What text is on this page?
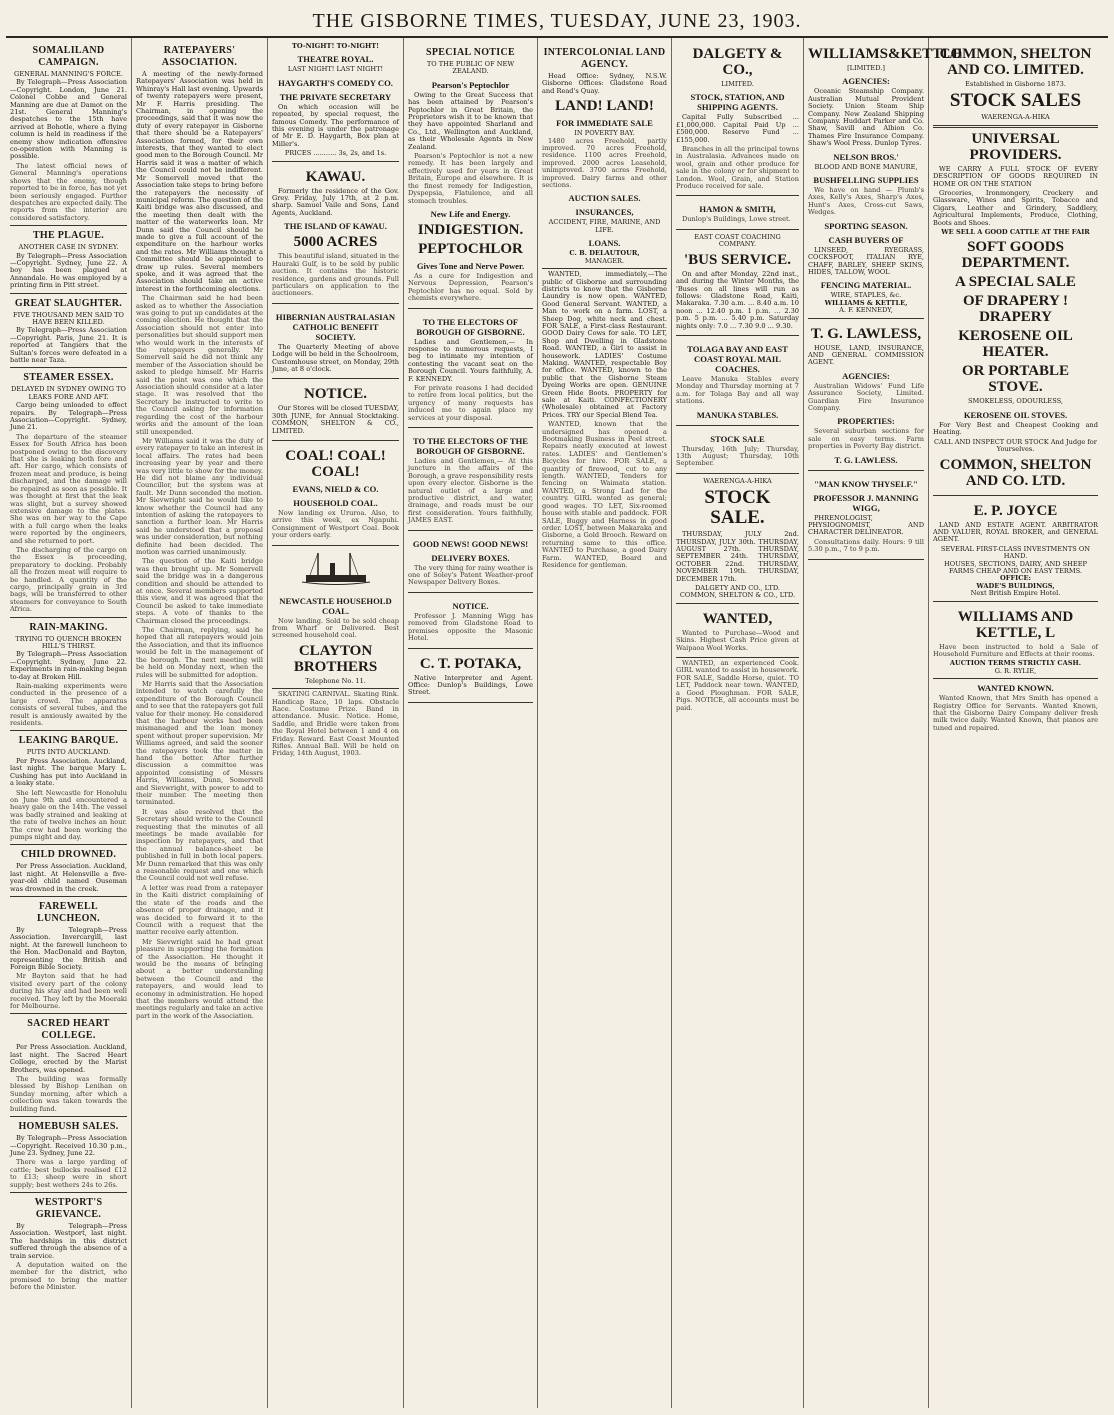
THE GISBORNE TIMES, TUESDAY, JUNE 23, 1903.
SOMALILAND CAMPAIGN.
GENERAL MANNING'S FORCE.

By Telegraph—Press Association—Copyright. London, June 21. Colonel Cobbe and General Manning are due at Damot on the 21st. General Manning's despatches to the 15th have arrived at Bohotle, where a flying column is held in readiness if the enemy show indication offensive co-operation with Manning is possible.

The latest official news of General Manning's operations shows that the enemy, though reported to be in force, has not yet been seriously engaged. Further despatches are expected daily. The reports from the interior are considered satisfactory.

THE PLAGUE.
ANOTHER CASE IN SYDNEY.

By Telegraph—Press Association—Copyright. Sydney, June 22. A boy has been plagued at Annandale. He was employed by a printing firm in Pitt street.

GREAT SLAUGHTER.
FIVE THOUSAND MEN SAID TO HAVE BEEN KILLED.

By Telegraph—Press Association—Copyright. Paris, June 21. It is reported at Tangiers that the Sultan's forces were defeated in a battle near Taza.

STEAMER ESSEX.
DELAYED IN SYDNEY OWING TO LEAKS FORE AND AFT.

Cargo being unloaded to effect repairs. By Telegraph—Press Association—Copyright. Sydney, June 21.

The departure of the steamer Essex for South Africa has been postponed owing to the discovery that she is leaking both fore and aft. Her cargo, which consists of frozen meat and produce, is being discharged, and the damage will be repaired as soon as possible. It was thought at first that the leak was slight, but a survey showed extensive damage to the plates. She was on her way to the Cape with a full cargo when the leaks were reported by the engineers, and she returned to port.

The discharging of the cargo on the Essex is proceeding, preparatory to docking. Probably all the frozen meat will require to be handled. A quantity of the cargo, principally grain in 3rd bags, will be transferred to other steamers for conveyance to South Africa.

RAIN-MAKING.
TRYING TO QUENCH BROKEN HILL'S THIRST.

By Telegraph—Press Association—Copyright. Sydney, June 22. Experiments in rain-making began to-day at Broken Hill.

Rain-making experiments were conducted in the presence of a large crowd. The apparatus consists of several tubes, and the result is anxiously awaited by the residents.

LEAKING BARQUE.
PUTS INTO AUCKLAND.

Per Press Association. Auckland, last night. The barque Mary L. Cushing has put into Auckland in a leaky state.

She left Newcastle for Honolulu on June 9th and encountered a heavy gale on the 14th. The vessel was badly strained and leaking at the rate of twelve inches an hour. The crew had been working the pumps night and day.

CHILD DROWNED.

Per Press Association. Auckland, last night. At Helensville a five-year-old child named Ouseman was drowned in the creek.

FAREWELL LUNCHEON.

By Telegraph—Press Association. Invercargill, last night. At the farewell luncheon to the Hon. MacDonald and Bayton, representing the British and Foreign Bible Society.

Mr Bayton said that he had visited every part of the colony during his stay and had been well received. They left by the Moeraki for Melbourne.

SACRED HEART COLLEGE.

Per Press Association. Auckland, last night. The Sacred Heart College, erected by the Marist Brothers, was opened.

The building was formally blessed by Bishop Lenihan on Sunday morning, after which a collection was taken towards the building fund.

HOMEBUSH SALES.

By Telegraph—Press Association—Copyright. Received 10.30 p.m., June 23. Sydney, June 22.

There was a large yarding of cattle; best bullocks realised £12 to £13; sheep were in short supply; best wethers 24s to 26s.

WESTPORT'S GRIEVANCE.

By Telegraph—Press Association. Westport, last night. The hardships in this district suffered through the absence of a train service.

A deputation waited on the member for the district, who promised to bring the matter before the Minister.

RATEPAYERS' ASSOCIATION.

A meeting of the newly-formed Ratepayers' Association was held in Whinray's Hall last evening. Upwards of twenty ratepayers were present, Mr F. Harris presiding. The Chairman, in opening the proceedings, said that it was now the duty of every ratepayer in Gisborne that there should be a Ratepayers' Association formed, for their own interests, that they wanted to elect good men to the Borough Council. Mr Harris said it was a matter of which the Council could not be indifferent. Mr Somervell moved that the Association take steps to bring before the ratepayers the necessity of municipal reform. The question of the Kaiti bridge was also discussed, and the meeting then dealt with the matter of the waterworks loan. Mr Dunn said the Council should be made to give a full account of the expenditure on the harbour works and the rates. Mr Williams thought a Committee should be appointed to draw up rules. Several members spoke, and it was agreed that the Association should take an active interest in the forthcoming elections.

The Chairman said he had been asked as to whether the Association was going to put up candidates at the coming election. He thought that the Association should not enter into personalities but should support men who would work in the interests of the ratepayers generally. Mr Somervell said he did not think any member of the Association should be asked to pledge himself. Mr Harris said the point was one which the Association should consider at a later stage. It was resolved that the Secretary be instructed to write to the Council asking for information regarding the cost of the harbour works and the amount of the loan still unexpended.

Mr Williams said it was the duty of every ratepayer to take an interest in local affairs. The rates had been increasing year by year and there was very little to show for the money. He did not blame any individual Councillor, but the system was at fault. Mr Dunn seconded the motion. Mr Sievwright said he would like to know whether the Council had any intention of asking the ratepayers to sanction a further loan. Mr Harris said he understood that a proposal was under consideration, but nothing definite had been decided. The motion was carried unanimously.

The question of the Kaiti bridge was then brought up. Mr Somervell said the bridge was in a dangerous condition and should be attended to at once. Several members supported this view, and it was agreed that the Council be asked to take immediate steps. A vote of thanks to the Chairman closed the proceedings.

The Chairman, replying, said he hoped that all ratepayers would join the Association, and that its influence would be felt in the management of the borough. The next meeting will be held on Monday next, when the rules will be submitted for adoption.

Mr Harris said that the Association intended to watch carefully the expenditure of the Borough Council and to see that the ratepayers got full value for their money. He considered that the harbour works had been mismanaged and the loan money spent without proper supervision. Mr Williams agreed, and said the sooner the ratepayers took the matter in hand the better. After further discussion a committee was appointed consisting of Messrs Harris, Williams, Dunn, Somervell and Sievwright, with power to add to their number. The meeting then terminated.

It was also resolved that the Secretary should write to the Council requesting that the minutes of all meetings be made available for inspection by ratepayers, and that the annual balance-sheet be published in full in both local papers. Mr Dunn remarked that this was only a reasonable request and one which the Council could not well refuse.

A letter was read from a ratepayer in the Kaiti district complaining of the state of the roads and the absence of proper drainage, and it was decided to forward it to the Council with a request that the matter receive early attention.

Mr Sievwright said he had great pleasure in supporting the formation of the Association. He thought it would be the means of bringing about a better understanding between the Council and the ratepayers, and would lead to economy in administration. He hoped that the members would attend the meetings regularly and take an active part in the work of the Association.

TO-NIGHT! TO-NIGHT!
THEATRE ROYAL.
LAST NIGHT! LAST NIGHT!
HAYGARTH'S COMEDY CO.
THE PRIVATE SECRETARY

On which occasion will be repeated, by special request, the famous Comedy. The performance of this evening is under the patronage of Mr E. D. Haygarth, Box plan at Miller's.

PRICES ........... 3s, 2s, and 1s.
KAWAU.

Formerly the residence of the Gov. Grey. Friday, July 17th, at 2 p.m. sharp. Samuel Vaile and Sons, Land Agents, Auckland.

THE ISLAND OF KAWAU.
5000 ACRES

This beautiful island, situated in the Hauraki Gulf, is to be sold by public auction. It contains the historic residence, gardens and grounds. Full particulars on application to the auctioneers.

HIBERNIAN AUSTRALASIAN CATHOLIC BENEFIT SOCIETY.

The Quarterly Meeting of above Lodge will be held in the Schoolroom, Customhouse street, on Monday, 29th June, at 8 o'clock.

NOTICE.

Our Stores will be closed TUESDAY, 30th JUNE, for Annual Stocktaking. COMMON, SHELTON & CO., LIMITED.

COAL! COAL! COAL!
EVANS, NIELD & CO.
HOUSEHOLD COAL.

Now landing ex Ururoa. Also, to arrive this week, ex Ngapuhi. Consignment of Westport Coal. Book your orders early.

NEWCASTLE HOUSEHOLD COAL.

Now landing. Sold to be sold cheap from Wharf or Delivered. Best screened household coal.

CLAYTON BROTHERS
Telephone No. 11.

SKATING CARNIVAL. Skating Rink. Handicap Race, 10 laps. Obstacle Race. Costume Prize. Band in attendance. Music. Notice. Home, Saddle, and Bridle were taken from the Royal Hotel between 1 and 4 on Friday. Reward. East Coast Mounted Rifles. Annual Ball. Will be held on Friday, 14th August, 1903.

SPECIAL NOTICE
TO THE PUBLIC OF NEW ZEALAND.
Pearson's Peptochlor

Owing to the Great Success that has been attained by Pearson's Peptochlor in Great Britain, the Proprietors wish it to be known that they have appointed Sharland and Co., Ltd., Wellington and Auckland, as their Wholesale Agents in New Zealand.

Pearson's Peptochlor is not a new remedy. It has been largely and effectively used for years in Great Britain, Europe and elsewhere. It is the finest remedy for Indigestion, Dyspepsia, Flatulence, and all stomach troubles.

New Life and Energy.
INDIGESTION.
PEPTOCHLOR
Gives Tone and Nerve Power.

As a cure for Indigestion and Nervous Depression, Pearson's Peptochlor has no equal. Sold by chemists everywhere.

TO THE ELECTORS OF BOROUGH OF GISBORNE.

Ladies and Gentlemen,— In response to numerous requests, I beg to intimate my intention of contesting the vacant seat on the Borough Council. Yours faithfully, A. F. KENNEDY.

For private reasons I had decided to retire from local politics, but the urgency of many requests has induced me to again place my services at your disposal.

TO THE ELECTORS OF THE BOROUGH OF GISBORNE.

Ladies and Gentlemen,— At this juncture in the affairs of the Borough, a grave responsibility rests upon every elector. Gisborne is the natural outlet of a large and productive district, and water, drainage, and roads must be our first consideration. Yours faithfully, JAMES EAST.

GOOD NEWS! GOOD NEWS!
DELIVERY BOXES.

The very thing for rainy weather is one of Soley's Patent Weather-proof Newspaper Delivery Boxes.

NOTICE.

Professor J. Manning Wigg has removed from Gladstone Road to premises opposite the Masonic Hotel.

C. T. POTAKA,

Native Interpreter and Agent. Office: Dunlop's Buildings, Lowe Street.

INTERCOLONIAL LAND AGENCY.

Head Office: Sydney, N.S.W. Gisborne Offices: Gladstone Road and Read's Quay.

LAND! LAND!
FOR IMMEDIATE SALE
IN POVERTY BAY.

1480 acres Freehold, partly improved. 70 acres Freehold, residence. 1100 acres Freehold, improved. 2000 acres Leasehold, unimproved. 3700 acres Freehold, improved. Dairy farms and other sections.

AUCTION SALES.
INSURANCES,
ACCIDENT, FIRE, MARINE, AND LIFE.
LOANS.
C. B. DELAUTOUR,
MANAGER.

WANTED, immediately,—The public of Gisborne and surrounding districts to know that the Gisborne Laundry is now open. WANTED, Good General Servant. WANTED, a Man to work on a farm. LOST, a Sheep Dog, white neck and chest. FOR SALE, a First-class Restaurant. GOOD Dairy Cows for sale. TO LET, Shop and Dwelling in Gladstone Road. WANTED, a Girl to assist in housework. LADIES' Costume Making. WANTED, respectable Boy for office. WANTED, known to the public that the Gisborne Steam Dyeing Works are open. GENUINE Green Hide Boots. PROPERTY for sale at Kaiti. CONFECTIONERY (Wholesale) obtained at Factory Prices. TRY our Special Blend Tea.

WANTED, known that the undersigned has opened a Bootmaking Business in Peel street. Repairs neatly executed at lowest rates. LADIES' and Gentlemen's Bicycles for hire. FOR SALE, a quantity of firewood, cut to any length. WANTED, Tenders for fencing on Waimata station. WANTED, a Strong Lad for the country. GIRL wanted as general; good wages. TO LET, Six-roomed house with stable and paddock. FOR SALE, Buggy and Harness in good order. LOST, between Makaraka and Gisborne, a Gold Brooch. Reward on returning same to this office. WANTED to Purchase, a good Dairy Farm. WANTED, Board and Residence for gentleman.

DALGETY & CO.,
LIMITED.
STOCK, STATION, AND SHIPPING AGENTS.

Capital Fully Subscribed ... £1,000,000. Capital Paid Up ... £500,000. Reserve Fund ... £155,000.

Branches in all the principal towns in Australasia. Advances made on wool, grain and other produce for sale in the colony or for shipment to London. Wool, Grain, and Station Produce received for sale.

HAMON & SMITH,

Dunlop's Buildings, Lowe street.

EAST COAST COACHING COMPANY.
'BUS SERVICE.

On and after Monday, 22nd inst., and during the Winter Months, the 'Buses on all lines will run as follows: Gladstone Road, Kaiti, Makaraka. 7.30 a.m. ... 8.40 a.m. 10 noon ... 12.40 p.m. 1 p.m. ... 2.30 p.m. 5 p.m. ... 5.40 p.m. Saturday nights only: 7.0 ... 7.30 9.0 ... 9.30.

TOLAGA BAY AND EAST COAST ROYAL MAIL COACHES.

Leave Manuka Stables every Monday and Thursday morning at 7 a.m. for Tolaga Bay and all way stations.

MANUKA STABLES.
STOCK SALE

Thursday, 16th July; Thursday, 13th August; Thursday, 10th September.

WAERENGA-A-HIKA
STOCK SALE.

THURSDAY, JULY 2nd. THURSDAY, JULY 30th. THURSDAY, AUGUST 27th. THURSDAY, SEPTEMBER 24th. THURSDAY, OCTOBER 22nd. THURSDAY, NOVEMBER 19th. THURSDAY, DECEMBER 17th.

DALGETY AND CO., LTD. COMMON, SHELTON & CO., LTD.
WANTED,

Wanted to Purchase—Wood and Skins. Highest Cash Price given at Waipaoa Wool Works.

WANTED, an experienced Cook. GIRL wanted to assist in housework. FOR SALE, Saddle Horse, quiet. TO LET, Paddock near town. WANTED, a Good Ploughman. FOR SALE, Pigs. NOTICE, all accounts must be paid.

WILLIAMS&KETTLE
[LIMITED.]
AGENCIES:

Oceanic Steamship Company. Australian Mutual Provident Society. Union Steam Ship Company. New Zealand Shipping Company. Huddart Parker and Co. Shaw, Savill and Albion Co. Thames Fire Insurance Company. Shaw's Wool Press. Dunlop Tyres.

NELSON BROS.'
BLOOD AND BONE MANURE,
BUSHFELLING SUPPLIES

We have on hand — Plumb's Axes, Kelly's Axes, Sharp's Axes, Hunt's Axes, Cross-cut Saws, Wedges.

SPORTING SEASON.
CASH BUYERS OF

LINSEED, RYEGRASS, COCKSFOOT, ITALIAN RYE, CHAFF, BARLEY, SHEEP SKINS, HIDES, TALLOW, WOOL

FENCING MATERIAL.
WIRE, STAPLES, &c.
WILLIAMS & KETTLE,
A. F. KENNEDY,
T. G. LAWLESS,

HOUSE, LAND, INSURANCE, AND GENERAL COMMISSION AGENT.

AGENCIES:

Australian Widows' Fund Life Assurance Society, Limited. Guardian Fire Insurance Company.

PROPERTIES:

Several suburban sections for sale on easy terms. Farm properties in Poverty Bay district.

T. G. LAWLESS.
"MAN KNOW THYSELF."
PROFESSOR J. MANNING WIGG,

PHRENOLOGIST, PHYSIOGNOMIST, AND CHARACTER DELINEATOR.

Consultations daily. Hours: 9 till 5.30 p.m., 7 to 9 p.m.

COMMON, SHELTON AND CO. LIMITED.
Established in Gisborne 1873.
STOCK SALES
WAERENGA-A-HIKA
UNIVERSAL PROVIDERS.

WE CARRY A FULL STOCK OF EVERY DESCRIPTION OF GOODS REQUIRED IN HOME OR ON THE STATION

Groceries, Ironmongery, Crockery and Glassware, Wines and Spirits, Tobacco and Cigars, Leather and Grindery, Saddlery, Agricultural Implements, Produce, Clothing, Boots and Shoes.

WE SELL A GOOD CATTLE AT THE FAIR
SOFT GOODS DEPARTMENT.
A SPECIAL SALE
OF DRAPERY ! DRAPERY
KEROSENE OIL HEATER.
OR PORTABLE STOVE.
SMOKELESS, ODOURLESS,
KEROSENE OIL STOVES.

For Very Best and Cheapest Cooking and Heating.

CALL AND INSPECT OUR STOCK And Judge for Yourselves.
COMMON, SHELTON AND CO. LTD.
E. P. JOYCE

LAND AND ESTATE AGENT. ARBITRATOR AND VALUER, ROYAL BROKER, and GENERAL AGENT.

SEVERAL FIRST-CLASS INVESTMENTS ON HAND.
HOUSES, SECTIONS, DAIRY, AND SHEEP FARMS CHEAP AND ON EASY TERMS.
OFFICE:
WADE'S BUILDINGS,
Next British Empire Hotel.
WILLIAMS AND KETTLE, L

Have been instructed to hold a Sale of Household Furniture and Effects at their rooms.

AUCTION TERMS STRICTLY CASH.
G. R. RYLIE,
WANTED KNOWN.

Wanted Known, that Mrs Smith has opened a Registry Office for Servants. Wanted Known, that the Gisborne Dairy Company deliver fresh milk twice daily. Wanted Known, that pianos are tuned and repaired.
